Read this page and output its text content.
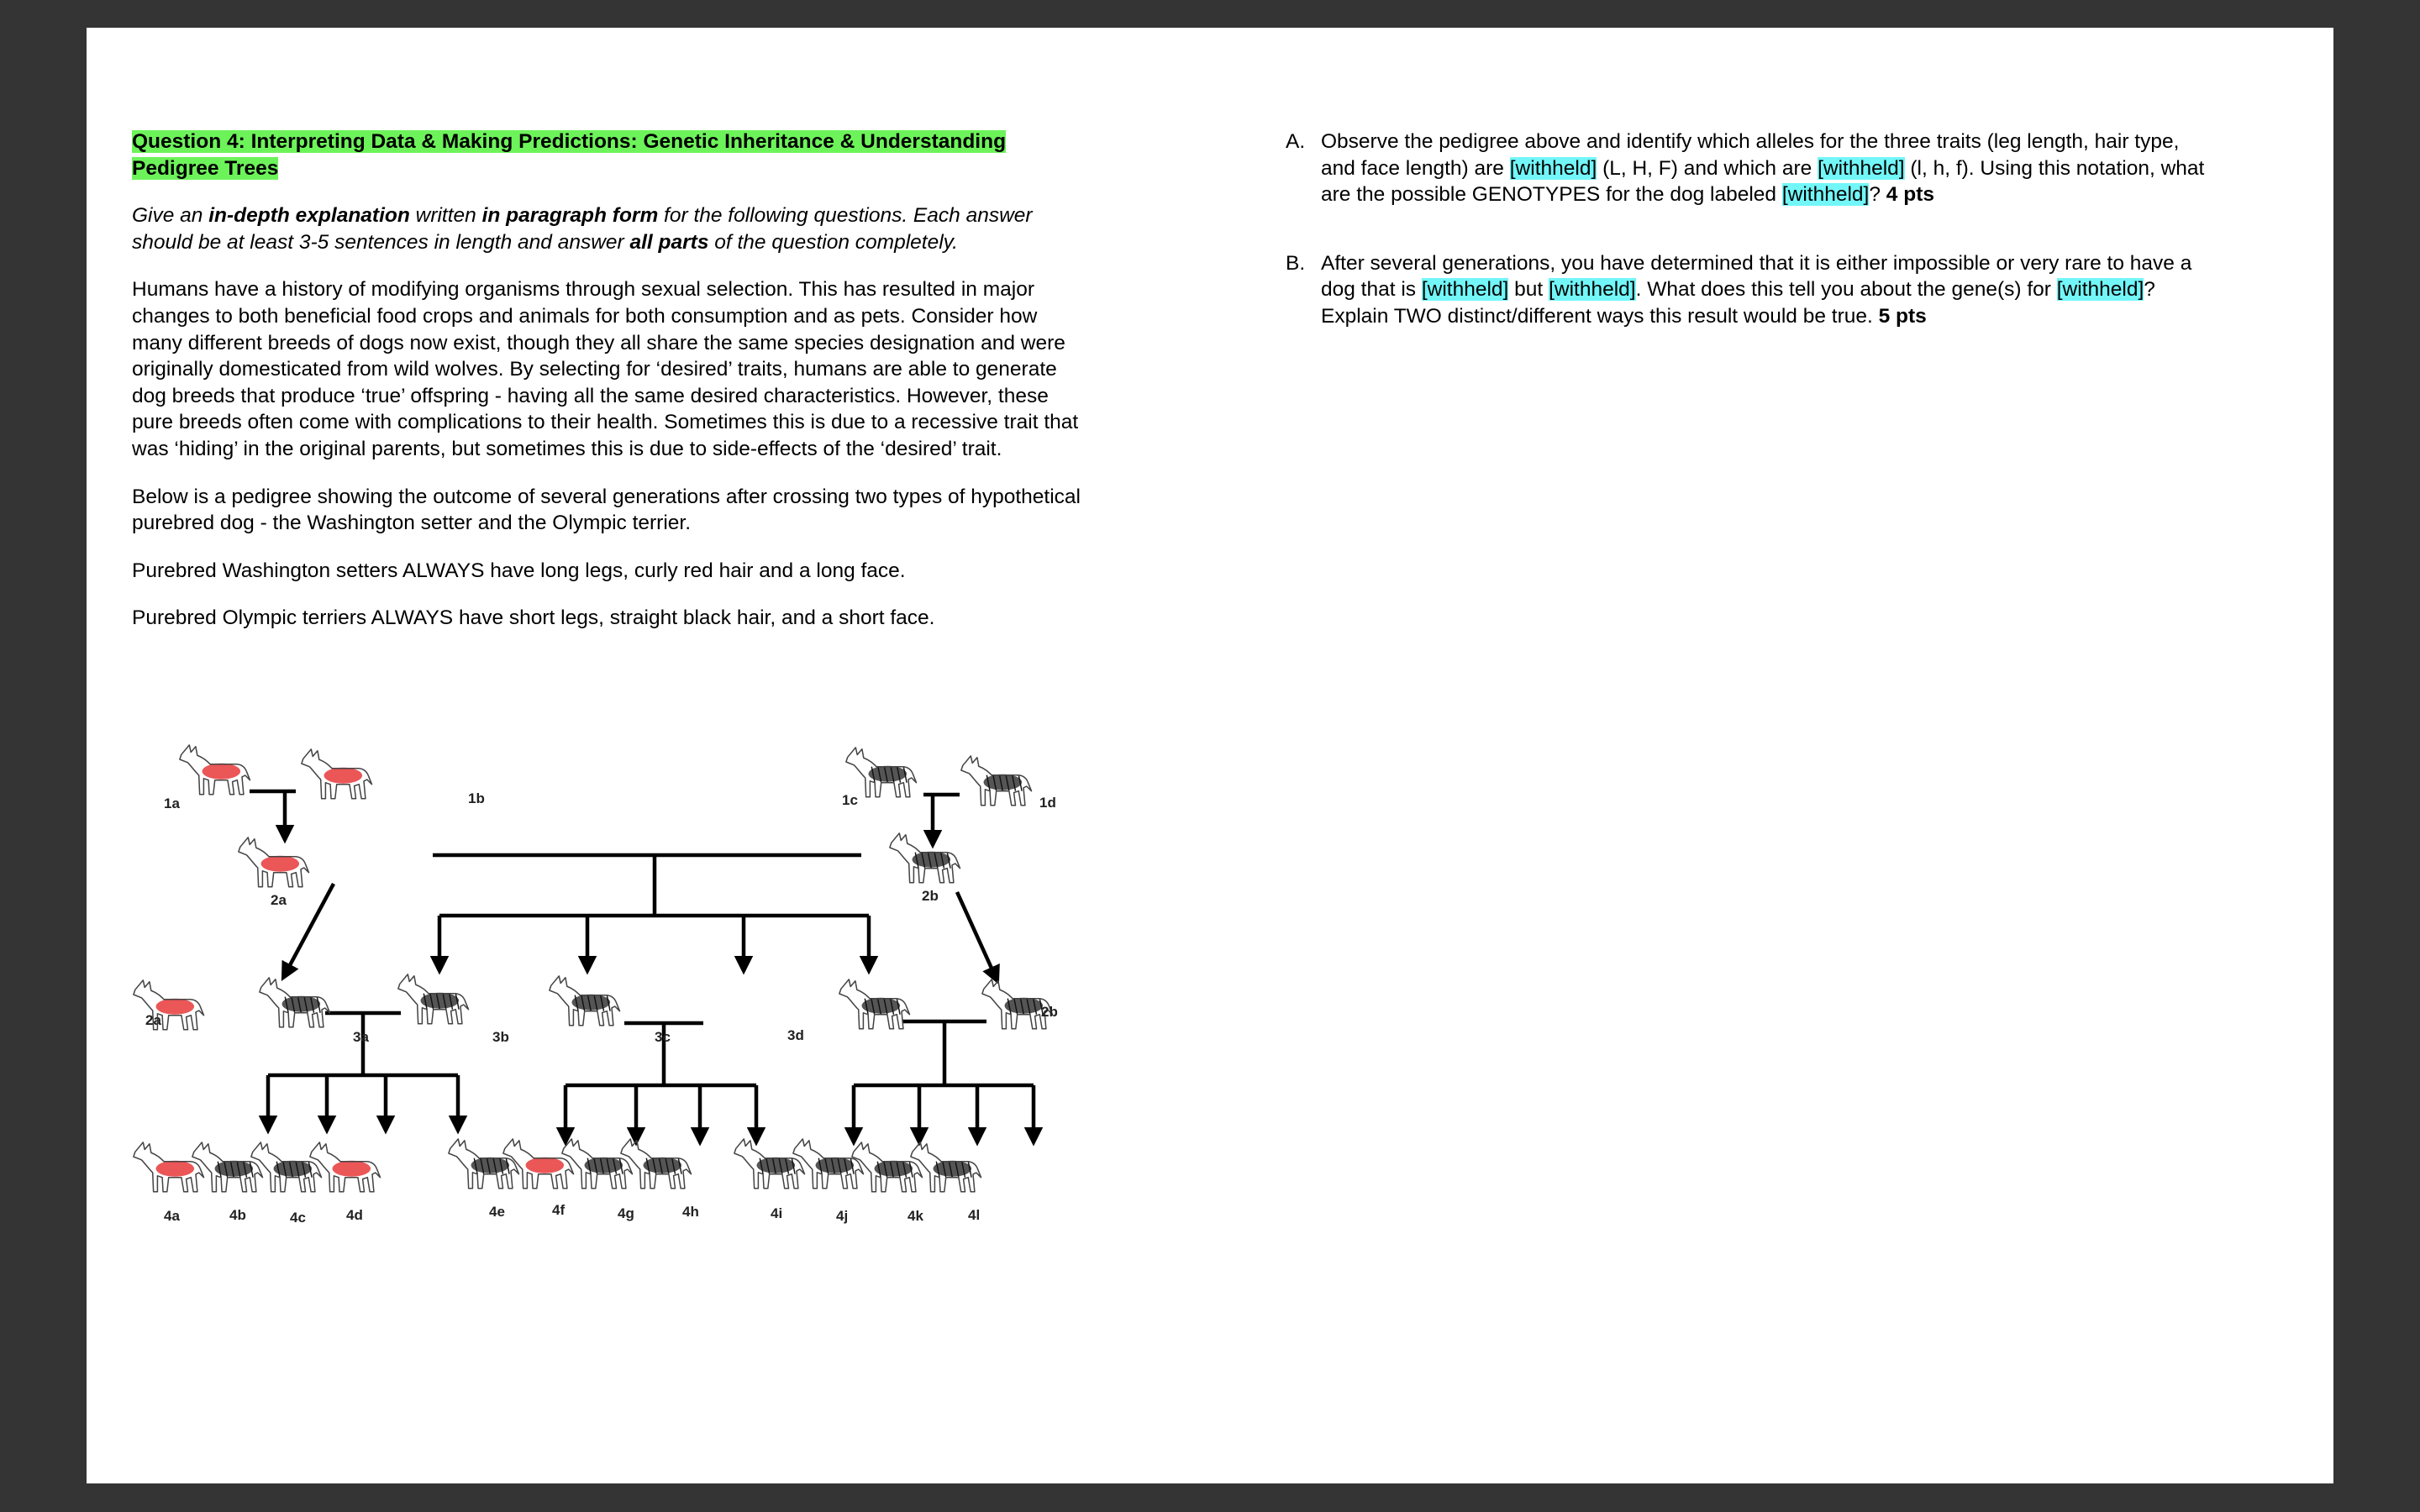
Question 4: Interpreting Data & Making Predictions: Genetic Inheritance & Understanding Pedigree Trees

Give an in-depth explanation written in paragraph form for the following questions. Each answer should be at least 3-5 sentences in length and answer all parts of the question completely.

Humans have a history of modifying organisms through sexual selection. This has resulted in major changes to both beneficial food crops and animals for both consumption and as pets. Consider how many different breeds of dogs now exist, though they all share the same species designation and were originally domesticated from wild wolves. By selecting for ‘desired’ traits, humans are able to generate dog breeds that produce ‘true’ offspring - having all the same desired characteristics. However, these pure breeds often come with complications to their health. Sometimes this is due to a recessive trait that was ‘hiding’ in the original parents, but sometimes this is due to side-effects of the ‘desired’ trait.

Below is a pedigree showing the outcome of several generations after crossing two types of hypothetical purebred dog - the Washington setter and the Olympic terrier.

Purebred Washington setters ALWAYS have long legs, curly red hair and a long face.

Purebred Olympic terriers ALWAYS have short legs, straight black hair, and a short face.

1a	1b	1c	1d
2a	2b
2a
3a	3b	3c	3d
2b
4a	4b	4c	4d	4e	4f	4g	4h	4i	4j	4k	4l
A. Observe the pedigree above and identify which alleles for the three traits (leg length, hair type, and face length) are [withheld] (L, H, F) and which are [withheld] (l, h, f). Using this notation, what are the possible GENOTYPES for the dog labeled [withheld]? 4 pts
B. After several generations, you have determined that it is either impossible or very rare to have a dog that is [withheld] but [withheld]. What does this tell you about the gene(s) for [withheld]? Explain TWO distinct/different ways this result would be true. 5 pts
